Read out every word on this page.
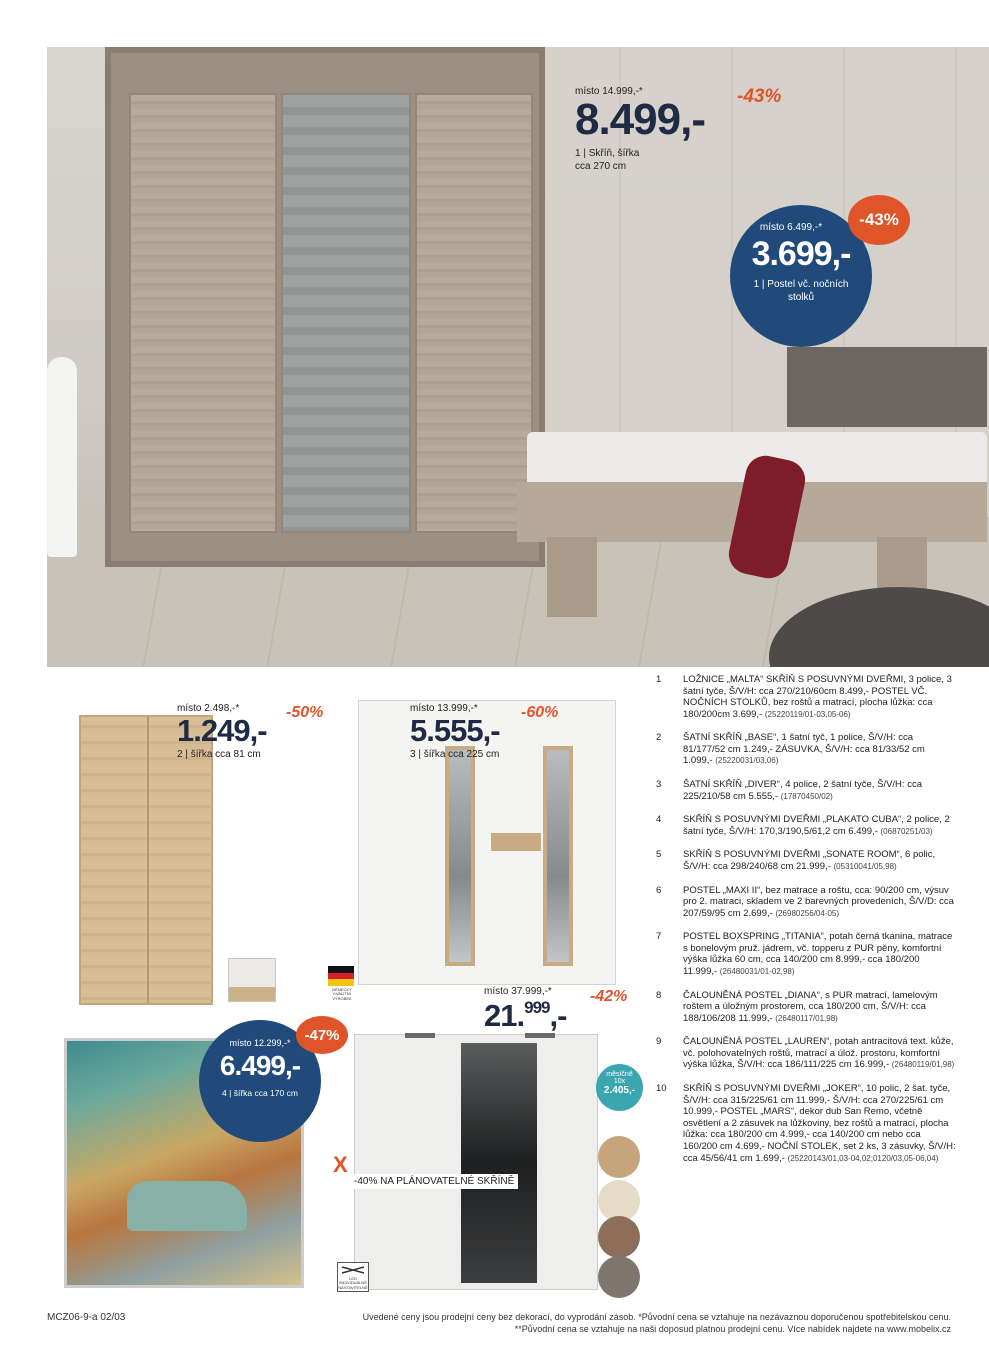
místo 14.999,-*
8.499,-
1 | Skříň, šířka
cca 270 cm
-43%
místo 6.499,-*
3.699,-
1 | Postel vč. nočních stolků
-43%
místo 2.498,-*
1.249,-
2 | šířka cca 81 cm
-50%	místo 13.999,-*
5.555,-
3 | šířka cca 225 cm
-60%
NĚMECKÝ KVALITNÍ VÝROBEK
místo 37.999,-*
21.$^{999}$,-
-42%
místo 12.299,-*
6.499,-
4 | šířka cca 170 cm
-47%
X
-40% NA PLÁNOVATELNÉ SKŘÍNĚ
měsíčně
10x
2.405,-
LED INDIVIDUÁLNĚ NASTAVITELNÉ
1	LOŽNICE „MALTA“ SKŘÍŇ S POSUVNÝMI DVEŘMI, 3 police, 3 šatní tyče, Š/V/H: cca 270/210/60cm 8.499,- POSTEL VČ. NOČNÍCH STOLKŮ, bez roštů a matrací, plocha lůžka: cca 180/200cm 3.699,- (25220119/01-03,05-06)
2	ŠATNÍ SKŘÍŇ „BASE“, 1 šatní tyč, 1 police, Š/V/H: cca 81/177/52 cm 1.249,- ZÁSUVKA, Š/V/H: cca 81/33/52 cm 1.099,- (25220031/03,06)
3	ŠATNÍ SKŘÍŇ „DIVER“, 4 police, 2 šatní tyče, Š/V/H: cca 225/210/58 cm 5.555,- (17870450/02)
4	SKŘÍŇ S POSUVNÝMI DVEŘMI „PLAKATO CUBA“, 2 police, 2 šatní tyče, Š/V/H: 170,3/190,5/61,2 cm 6.499,- (06870251/03)
5	SKŘÍŇ S POSUVNÝMI DVEŘMI „SONATE ROOM“, 6 polic, Š/V/H: cca 298/240/68 cm 21.999,- (05310041/05,98)
6	POSTEL „MAXI II“, bez matrace a roštu, cca: 90/200 cm, výsuv pro 2. matraci, skladem ve 2 barevných provedeních, Š/V/D: cca 207/59/95 cm 2.699,- (26980256/04-05)
7	POSTEL BOXSPRING „TITANIA“, potah černá tkanina, matrace s bonelovým pruž. jádrem, vč. topperu z PUR pěny, komfortní výška lůžka 60 cm, cca 140/200 cm 8.999,- cca 180/200 11.999,- (26480031/01-02,98)
8	ČALOUNĚNÁ POSTEL „DIANA“, s PUR matrací, lamelovým roštem a úložným prostorem, cca 180/200 cm, Š/V/H: cca 188/106/208 11.999,- (26480117/01,98)
9	ČALOUNĚNÁ POSTEL „LAUREN“, potah antracitová text. kůže, vč. polohovatelných roštů, matrací a úlož. prostoru, komfortní výška lůžka, Š/V/H: cca 186/111/225 cm 16.999,- (26480119/01,98)
10	SKŘÍŇ S POSUVNÝMI DVEŘMI „JOKER“, 10 polic, 2 šat. tyče, Š/V/H: cca 315/225/61 cm 11.999,- Š/V/H: cca 270/225/61 cm 10.999,- POSTEL „MARS“, dekor dub San Remo, včetně osvětlení a 2 zásuvek na lůžkoviny, bez roštů a matrací, plocha lůžka: cca 180/200 cm 4.999,- cca 140/200 cm nebo cca 160/200 cm 4.699,- NOČNÍ STOLEK, set 2 ks, 3 zásuvky, Š/V/H: cca 45/56/41 cm 1.699,- (25220143/01,03-04,02;0120/03,05-06,04)
MCZ06-9-a 02/03	Uvedené ceny jsou prodejní ceny bez dekorací, do vyprodání zásob. *Původní cena se vztahuje na nezávaznou doporučenou spotřebitelskou cenu.
**Původní cena se vztahuje na naši doposud platnou prodejní cenu. Více nabídek najdete na www.mobelix.cz
